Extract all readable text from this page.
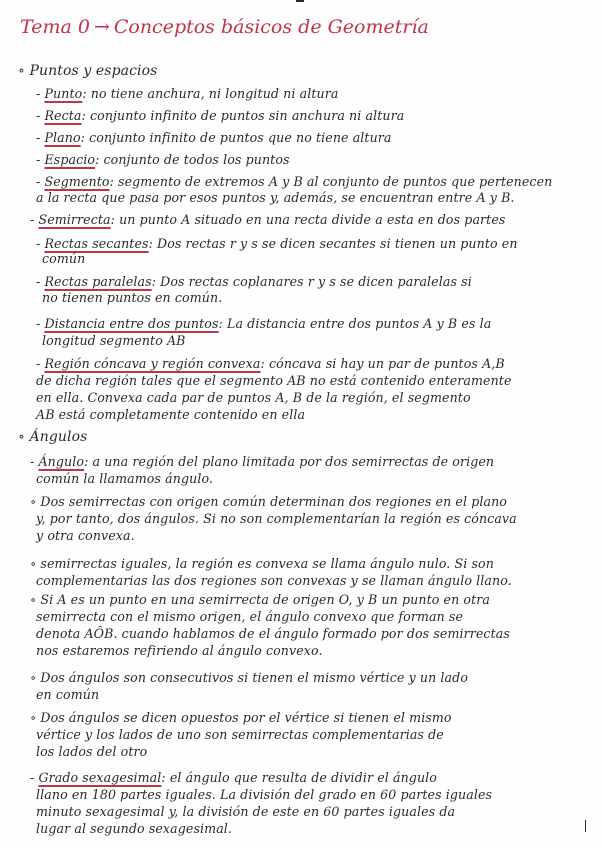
Tema 0 → Conceptos básicos de Geometría
∘ Puntos y espacios
- Punto: no tiene anchura, ni longitud ni altura
- Recta: conjunto infinito de puntos sin anchura ni altura
- Plano: conjunto infinito de puntos que no tiene altura
- Espacio: conjunto de todos los puntos
- Segmento: segmento de extremos A y B al conjunto de puntos que pertenecen
a la recta que pasa por esos puntos y, además, se encuentran entre A y B.
- Semirrecta: un punto A situado en una recta divide a esta en dos partes
- Rectas secantes: Dos rectas r y s se dicen secantes si tienen un punto en
común
- Rectas paralelas: Dos rectas coplanares r y s se dicen paralelas si
no tienen puntos en común.
- Distancia entre dos puntos: La distancia entre dos puntos A y B es la
longitud segmento AB
- Región cóncava y región convexa: cóncava si hay un par de puntos A,B
de dicha región tales que el segmento AB no está contenido enteramente
en ella. Convexa cada par de puntos A, B de la región, el segmento
AB está completamente contenido en ella
∘ Ángulos
- Ángulo: a una región del plano limitada por dos semirrectas de origen
común la llamamos ángulo.
∘ Dos semirrectas con origen común determinan dos regiones en el plano
y, por tanto, dos ángulos. Si no son complementarían la región es cóncava
y otra convexa.
∘ semirrectas iguales, la región es convexa se llama ángulo nulo. Si son
complementarias las dos regiones son convexas y se llaman ángulo llano.
∘ Si A es un punto en una semirrecta de origen O, y B un punto en otra
semirrecta con el mismo origen, el ángulo convexo que forman se
denota AÔB. cuando hablamos de el ángulo formado por dos semirrectas
nos estaremos refiriendo al ángulo convexo.
∘ Dos ángulos son consecutivos si tienen el mismo vértice y un lado
en común
∘ Dos ángulos se dicen opuestos por el vértice si tienen el mismo
vértice y los lados de uno son semirrectas complementarias de
los lados del otro
- Grado sexagesimal: el ángulo que resulta de dividir el ángulo
llano en 180 partes iguales. La división del grado en 60 partes iguales
minuto sexagesimal y, la división de este en 60 partes iguales da
lugar al segundo sexagesimal.
